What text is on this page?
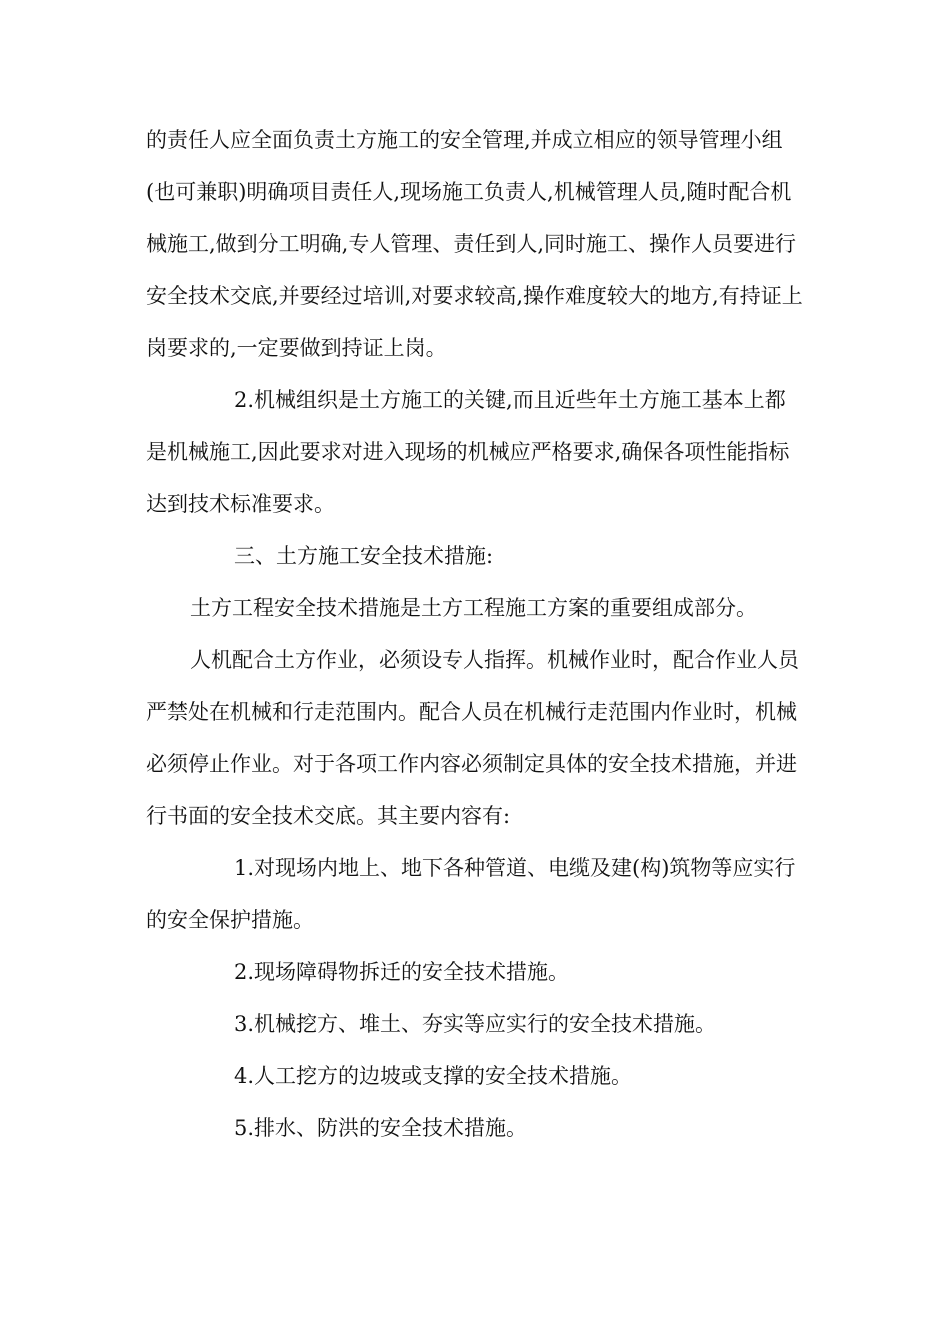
的责任人应全面负责土方施工的安全管理,并成立相应的领导管理小组(也可兼职)明确项目责任人,现场施工负责人,机械管理人员,随时配合机械施工,做到分工明确,专人管理、责任到人,同时施工、操作人员要进行安全技术交底,并要经过培训,对要求较高,操作难度较大的地方,有持证上岗要求的,一定要做到持证上岗。

2.机械组织是土方施工的关键,而且近些年土方施工基本上都是机械施工,因此要求对进入现场的机械应严格要求,确保各项性能指标达到技术标准要求。

三、土方施工安全技术措施:

土方工程安全技术措施是土方工程施工方案的重要组成部分。

人机配合土方作业，必须设专人指挥。机械作业时，配合作业人员严禁处在机械和行走范围内。配合人员在机械行走范围内作业时，机械必须停止作业。对于各项工作内容必须制定具体的安全技术措施，并进行书面的安全技术交底。其主要内容有:

1.对现场内地上、地下各种管道、电缆及建(构)筑物等应实行的安全保护措施。

2.现场障碍物拆迁的安全技术措施。

3.机械挖方、堆土、夯实等应实行的安全技术措施。

4.人工挖方的边坡或支撑的安全技术措施。

5.排水、防洪的安全技术措施。
